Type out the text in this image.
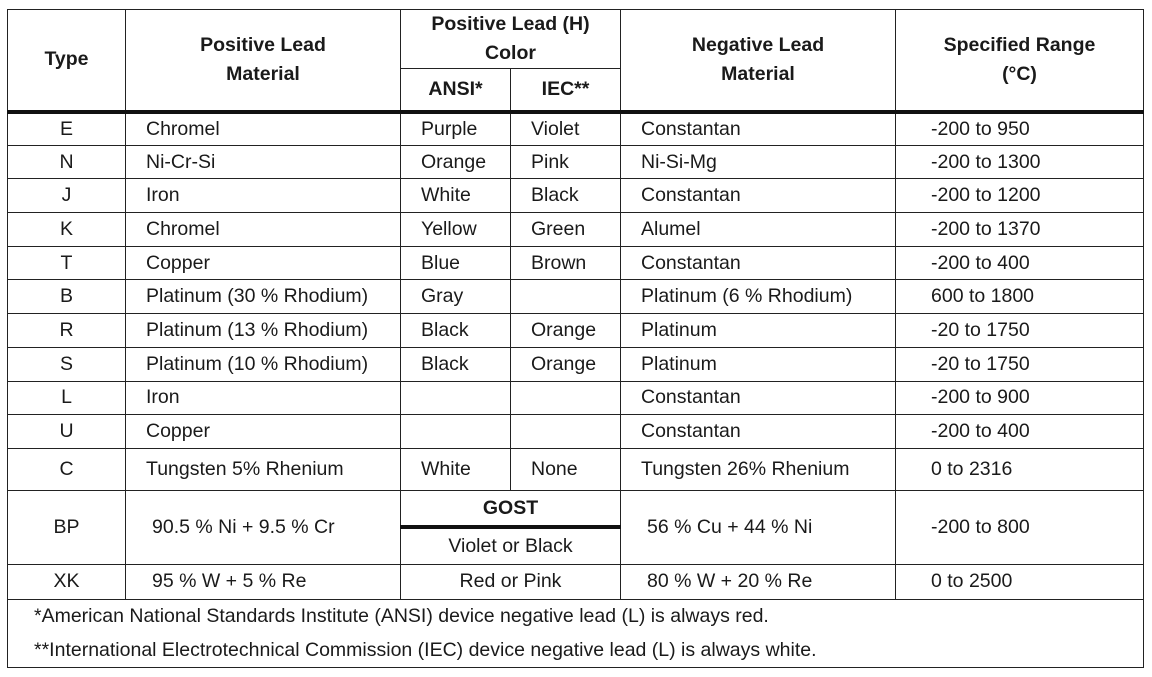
Type	Positive Lead Material	Positive Lead (H) Color		Negative Lead Material	Specified Range (°C)
		ANSI*	IEC**		
E	Chromel	Purple	Violet	Constantan	-200 to 950
N	Ni-Cr-Si	Orange	Pink	Ni-Si-Mg	-200 to 1300
J	Iron	White	Black	Constantan	-200 to 1200
K	Chromel	Yellow	Green	Alumel	-200 to 1370
T	Copper	Blue	Brown	Constantan	-200 to 400
B	Platinum (30 % Rhodium)	Gray		Platinum (6 % Rhodium)	600 to 1800
R	Platinum (13 % Rhodium)	Black	Orange	Platinum	-20 to 1750
S	Platinum (10 % Rhodium)	Black	Orange	Platinum	-20 to 1750
L	Iron			Constantan	-200 to 900
U	Copper			Constantan	-200 to 400
C	Tungsten 5% Rhenium	White	None	Tungsten 26% Rhenium	0 to 2316
BP	90.5 % Ni + 9.5 % Cr	GOST		56 % Cu + 44 % Ni	-200 to 800
		Violet or Black			
XK	95 % W + 5 % Re	Red or Pink		80 % W + 20 % Re	0 to 2500
*American National Standards Institute (ANSI) device negative lead (L) is always red.					
**International Electrotechnical Commission (IEC) device negative lead (L) is always white.					
